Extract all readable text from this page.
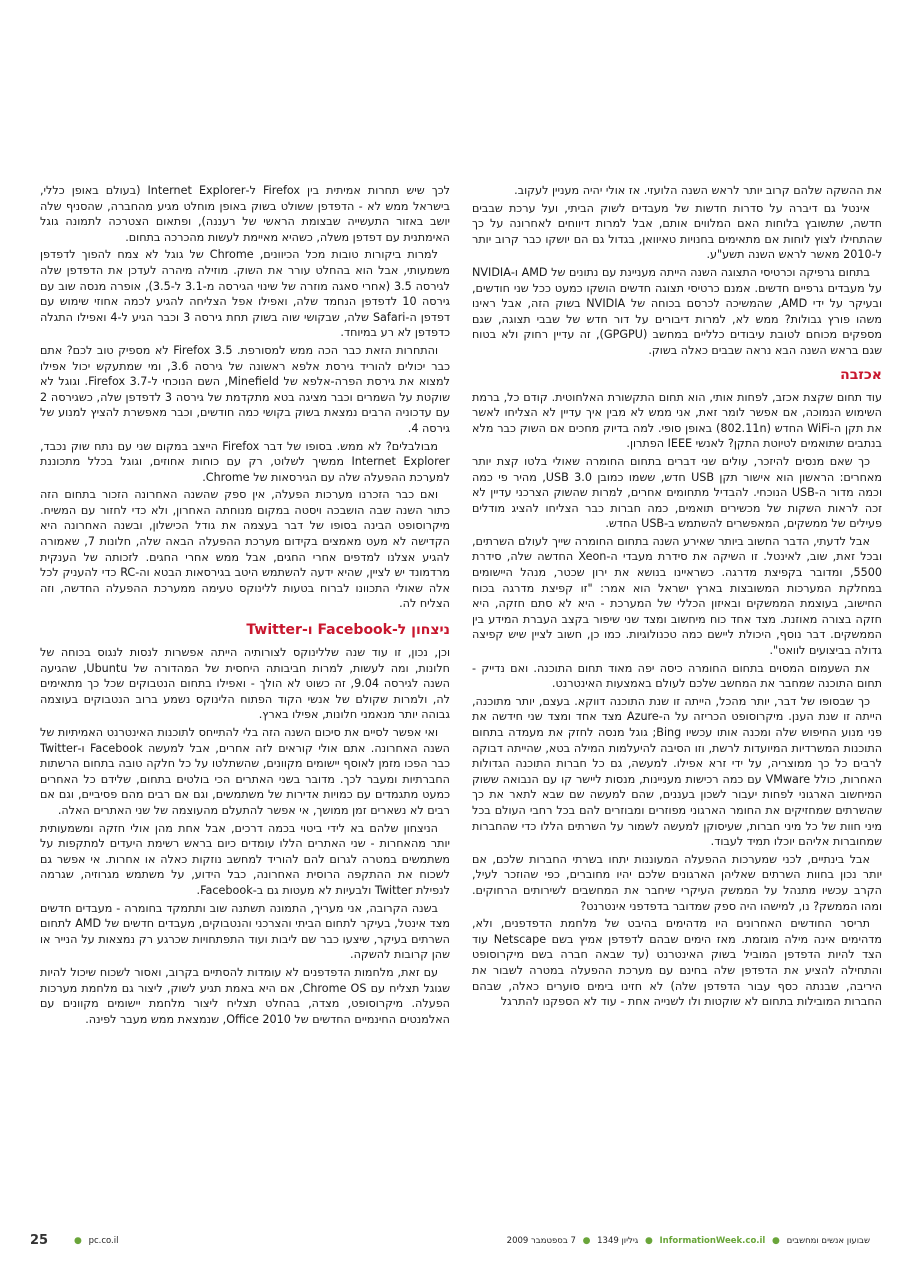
את ההשקה שלהם קרוב יותר לראש השנה הלועזי. אז אולי יהיה מעניין לעקוב.

אינטל גם דיברה על סדרות חדשות של מעבדים לשוק הביתי, ועל ערכת שבבים חדשה, שתשובץ בלוחות האם המלווים אותם, אבל למרות דיווחים לאחרונה על כך שהתחילו לצוץ לוחות אם מתאימים בחנויות טאיוואן, בגדול גם הם יושקו כבר קרוב יותר ל-2010 מאשר לראש השנה תשע"ע.

בתחום גרפיקה וכרטיסי התצוגה השנה הייתה מעניינת עם נתונים של AMD ו-NVIDIA על מעבדים גרפיים חדשים. אמנם כרטיסי תצוגה חדשים הושקו כמעט ככל שני חודשים, ובעיקר על ידי AMD, שהמשיכה לכרסם בכוחה של NVIDIA בשוק הזה, אבל ראינו משהו פורץ גבולות? ממש לא, למרות דיבורים על דור חדש של שבבי תצוגה, שגם מספקים מכוחם לטובת עיבודים כלליים במחשב (GPGPU), זה עדיין רחוק ולא בטוח שגם בראש השנה הבא נראה שבבים כאלה בשוק.

אכזבה

עוד תחום שקצת אכזב, לפחות אותי, הוא תחום התקשורת האלחוטית. קודם כל, ברמת השימוש הנמוכה, אם אפשר לומר זאת, אני ממש לא מבין איך עדיין לא הצליחו לאשר את תקן ה-WiFi החדש (802.11n) באופן סופי. למה בדיוק מחכים אם השוק כבר מלא בנתבים שתואמים לטיוטת התקן? לאנשי IEEE הפתרון.

כך שאם מנסים להיזכר, עולים שני דברים בתחום החומרה שאולי בלטו קצת יותר מאחרים: הראשון הוא אישור תקן USB חדש, ששמו כמובן USB 3.0, מהיר פי כמה וכמה מדור ה-USB הנוכחי. להבדיל מתחומים אחרים, למרות שהשוק הצרכני עדיין לא זכה לראות השקות של מכשירים תואמים, כמה חברות כבר הצליחו להציג מודלים פעילים של ממשקים, המאפשרים להשתמש ב-USB החדש.

אבל לדעתי, הדבר החשוב ביותר שאירע השנה בתחום החומרה שייך לעולם השרתים, ובכל זאת, שוב, לאינטל. זו השיקה את סידרת מעבדי ה-Xeon החדשה שלה, סידרת 5500, ומדובר בקפיצת מדרגה. כשראיינו בנושא את ירון שכטר, מנהל היישומים במחלקת המערכות המשובצות בארץ ישראל הוא אמר: "זו קפיצת מדרגה בכוח החישוב, בעוצמת הממשקים ובאיזון הכללי של המערכת - היא לא סתם חזקה, היא חזקה בצורה מאוזנת. מצד אחד כוח מיחשוב ומצד שני שיפור בקצב העברת המידע בין הממשקים. דבר נוסף, היכולת ליישם כמה טכנולוגיות. כמו כן, חשוב לציין שיש קפיצה גדולה בביצועים לוואט".

את השעמום המסוים בתחום החומרה כיסה יפה מאוד תחום התוכנה. ואם נדייק - תחום התוכנה שמחבר את המחשב שלכם לעולם באמצעות האינטרנט.

כך שבסופו של דבר, יותר מהכל, הייתה זו שנת התוכנה דווקא. בעצם, יותר מתוכנה, הייתה זו שנת הענן. מיקרוסופט הכריזה על ה-Azure מצד אחד ומצד שני חידשה את פני מנוע החיפוש שלה ומכנה אותו עכשיו Bing; גוגל מנסה לחזק את מעמדה בתחום התוכנות המשרדיות המיועדות לרשת, וזו הסיבה להיעלמות המילה בטא, שהייתה דבוקה לרבים כל כך ממוצריה, על ידי זרא אפילו. למעשה, גם כל חברות התוכנה הגדולות האחרות, כולל VMware עם כמה רכישות מעניינות, מנסות ליישר קו עם הנבואה ששוק המיחשוב הארגוני לפחות יעבור לשכון בעננים, שהם למעשה שם שבא לתאר את כך שהשרתים שמחזיקים את החומר הארגוני מפוזרים ומבוזרים להם בכל רחבי העולם בכל מיני חוות של כל מיני חברות, שעיסוקן למעשה לשמור על השרתים הללו כדי שהחברות שמחוברות אליהם יוכלו תמיד לעבוד.

אבל בינתיים, לכני שמערכות ההפעלה המעוננות יתחו בשרתי החברות שלכם, אם יותר נכון בחוות השרתים שאליהן הארגונים שלכם יהיו מחוברים, כפי שהוזכר לעיל, הקרב עכשיו מתנהל על הממשק העיקרי שיחבר את המחשבים לשירותים הרחוקים. ומהו הממשק? נו, למישהו היה ספק שמדובר בדפדפני אינטרנט?

תריסר החודשים האחרונים היו מדהימים בהיבט של מלחמת הדפדפנים, ולא, מדהימים אינה מילה מוגזמת. מאז הימים שבהם לדפדפן אמיץ בשם Netscape עוד הצד להיות הדפדפן המוביל בשוק האינטרנט (עד שבאה חברה בשם מיקרוסופט והתחילה להציע את הדפדפן שלה בחינם עם מערכת ההפעלה במטרה לשבור את היריבה, שבנתה כסף עבור הדפדפן שלה) לא חזינו בימים סוערים כאלה, שבהם החברות המובילות בתחום לא שוקטות ולו לשנייה אחת - עוד לא הספקנו להתרגל

לכך שיש תחרות אמיתית בין Firefox ל-Internet Explorer (בעולם באופן כללי, בישראל ממש לא - הדפדפן ששולט בשוק באופן מוחלט מגיע מהחברה, שהסניף שלה יושב באזור התעשייה שבצומת הראשי של רעננה), ופתאום הצטרכה לתמונה גוגל האימתנית עם דפדפן משלה, כשהיא מאיימת לעשות מהכרכה בתחום.

למרות ביקורות טובות מכל הכיוונים, Chrome של גוגל לא צמח להפוך לדפדפן משמעותי, אבל הוא בהחלט עורר את השוק. מוזילה מיהרה לעדכן את הדפדפן שלה לגירסה 3.5 (אחרי סאגה מוזרה של שינוי הגירסה מ-3.1 ל-3.5), אופרה מנסה שוב עם גירסה 10 לדפדפן הנחמד שלה, ואפילו אפל הצליחה להגיע לכמה אחוזי שימוש עם דפדפן ה-Safari שלה, שבקושי שוה בשוק תחת גירסה 3 וכבר הגיע ל-4 ואפילו התגלה כדפדפן לא רע במיוחד.

והתחרות הזאת כבר הכה ממש למסורפת. Firefox 3.5 לא מספיק טוב לכם? אתם כבר יכולים להוריד גירסת אלפא ראשונה של גירסה 3.6, ומי שמתעקש יכול אפילו למצוא את גירסת הפרה-אלפא של Minefield, השם הנוכחי ל-Firefox 3.7. וגוגל לא שוקטת על השמרים וכבר מציגה בטא מתקדמת של גירסה 3 לדפדפן שלה, כשגירסה 2 עם עדכוניה הרבים נמצאת בשוק בקושי כמה חודשים, וכבר מאפשרת להציץ למנוע של גירסה 4.

מבולבלים? לא ממש. בסופו של דבר Firefox הייצב במקום שני עם נתח שוק נכבד, Internet Explorer ממשיך לשלוט, רק עם כוחות אחוזים, וגוגל בכלל מתכוננת למערכת ההפעלה שלה עם הגירסאות של Chrome.

ואם כבר הזכרנו מערכות הפעלה, אין ספק שהשנה האחרונה הזכור בתחום הזה כתור השנה שבה הושבכה ויסטה במקום מנוחתה האחרון, ולא כדי לחזור עם המשיח. מיקרוסופט הבינה בסופו של דבר בעצמה את גודל הכישלון, ובשנה האחרונה היא הקדישה לא מעט מאמצים בקידום מערכת ההפעלה הבאה שלה, חלונות 7, שאמורה להגיע אצלנו למדפים אחרי החגים, אבל ממש אחרי החגים. לזכותה של הענקית מרדמונד יש לציין, שהיא ידעה להשתמש היטב בגירסאות הבטא וה-RC כדי להעניק לכל אלה שאולי התכוונו לברוח בטעות ללינוקס טעימה ממערכת ההפעלה החדשה, וזה הצליח לה.

ניצחון ל-Facebook ו-Twitter

וכן, נכון, זו עוד שנה שללינוקס לצורותיה הייתה אפשרות לנסות לנגוס בכוחה של חלונות, ומה לעשות, למרות חביבותה היחסית של המהדורה של Ubuntu, שהגיעה השנה לגירסה 9.04, זה כשוט לא הולך - ואפילו בתחום הנטבוקים שכל כך מתאימים לה, ולמרות שקולם של אנשי הקוד הפתוח הלינוקס נשמע ברוב הנטבוקים בעוצמה גבוהה יותר מנאמני חלונות, אפילו בארץ.

ואי אפשר לסיים את סיכום השנה הזה בלי להתייחס לתוכנות האינטרנט האמיתיות של השנה האחרונה. אתם אולי קוראים לזה אחרים, אבל למעשה Facebook ו-Twitter כבר הפכו מזמן לאוסף יישומים מקוונים, שהשתלטו על כל חלקה טובה בתחום הרשתות החברתיות ומעבר לכך. מדובר בשני האתרים הכי בולטים בתחום, שלידם כל האחרים כמעט מתגמדים עם כמויות אדירות של משתמשים, וגם אם רבים מהם פסיביים, וגם אם רבים לא נשארים זמן ממושך, אי אפשר להתעלם מהעוצמה של שני האתרים האלה.

הניצחון שלהם בא לידי ביטוי בכמה דרכים, אבל אחת מהן אולי חזקה ומשמעותית יותר מהאחרות - שני האתרים הללו עומדים כיום בראש רשימת היעדים למתקפות על משתמשים במטרה לגרום להם להוריד למחשב נוזקות כאלה או אחרות. אי אפשר גם לשכוח את ההתקפה הרוסית האחרונה, כבל הידוע, על משתמש מגרוזיה, שגרמה לנפילת Twitter ולבעיות לא מעטות גם ב-Facebook.

בשנה הקרובה, אני מעריך, התמונה תשתנה שוב ותתמקד בחומרה - מעבדים חדשים מצד אינטל, בעיקר לתחום הביתי והצרכני והנטבוקים, מעבדים חדשים של AMD לתחום השרתים בעיקר, שיצעו כבר שם ליבות ועוד התפתחויות שכרגע רק נמצאות על הנייר או שהן קרובות להשקה.

עם זאת, מלחמות הדפדפנים לא עומדות להסתיים בקרוב, ואסור לשכוח שיכול להיות שגוגל תצליח עם Chrome OS, אם היא באמת תגיע לשוק, ליצור גם מלחמת מערכות הפעלה. מיקרוסופט, מצדה, בהחלט תצליח ליצור מלחמת יישומים מקוונים עם האלמנטים החינמיים החדשים של Office 2010, שנמצאת ממש מעבר לפינה.

25	● pc.co.il	שבועון אנשים ומחשבים ● InformationWeek.co.il ● גיליון 1349 ● 7 בספטמבר 2009
